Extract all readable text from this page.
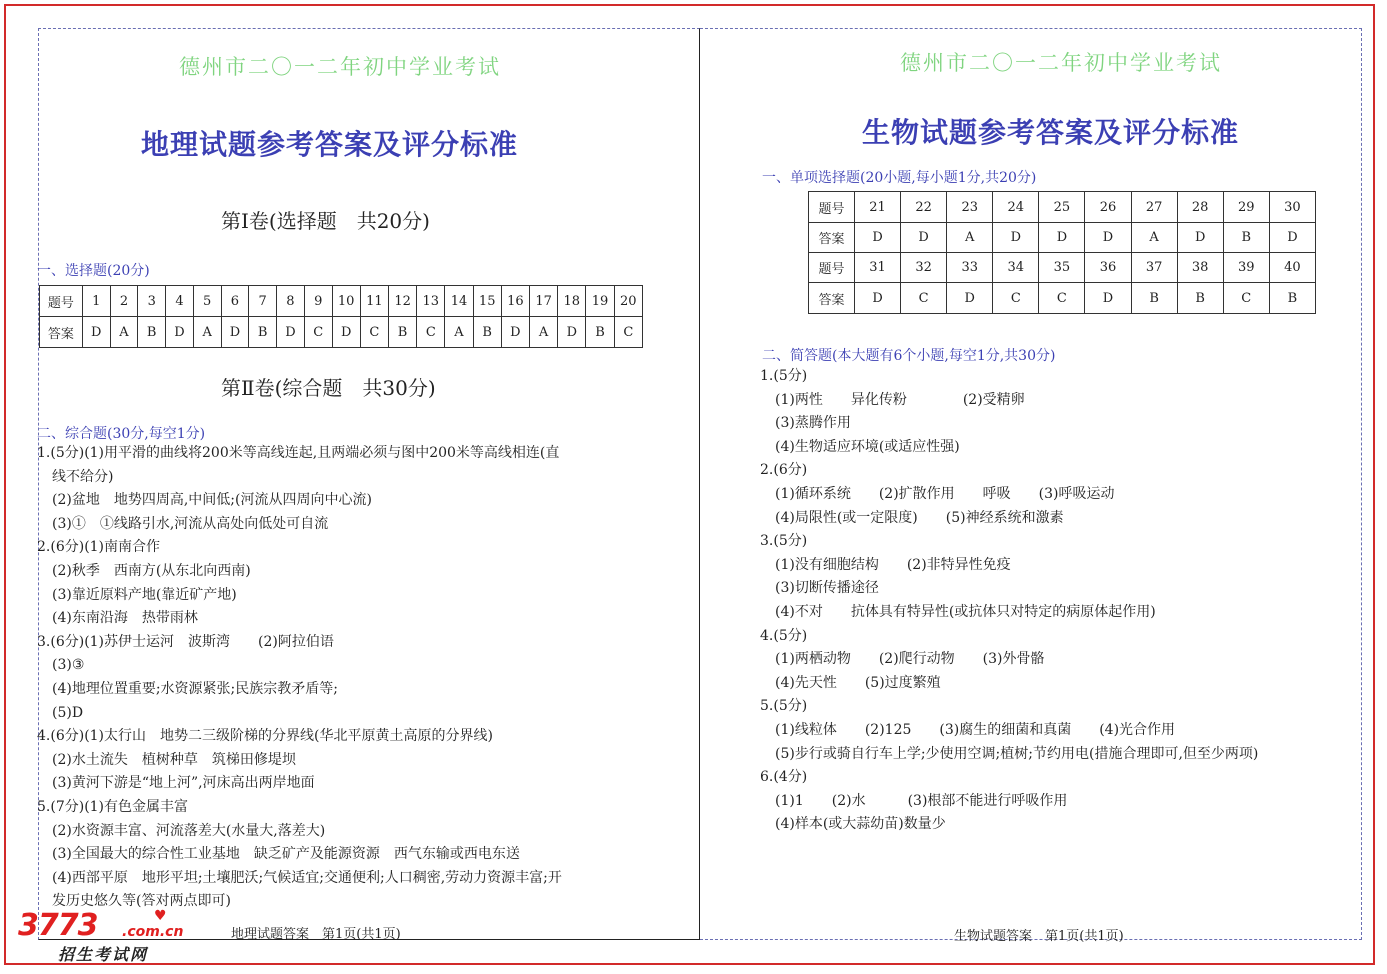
德州市二〇一二年初中学业考试
地理试题参考答案及评分标准
第Ⅰ卷(选择题　共20分)
一、选择题(20分)
题号	1	2	3	4	5	6	7	8	9	10	11	12	13	14	15	16	17	18	19	20
答案	D	A	B	D	A	D	B	D	C	D	C	B	C	A	B	D	A	D	B	C
第Ⅱ卷(综合题　共30分)
二、综合题(30分,每空1分)
1.(5分)(1)用平滑的曲线将200米等高线连起,且两端必须与图中200米等高线相连(直
线不给分)
(2)盆地　地势四周高,中间低;(河流从四周向中心流)
(3)①　①线路引水,河流从高处向低处可自流
2.(6分)(1)南南合作
(2)秋季　西南方(从东北向西南)
(3)靠近原料产地(靠近矿产地)
(4)东南沿海　热带雨林
3.(6分)(1)苏伊士运河　波斯湾　　(2)阿拉伯语
(3)③
(4)地理位置重要;水资源紧张;民族宗教矛盾等;
(5)D
4.(6分)(1)太行山　地势二三级阶梯的分界线(华北平原黄土高原的分界线)
(2)水土流失　植树种草　筑梯田修堤坝
(3)黄河下游是“地上河”,河床高出两岸地面
5.(7分)(1)有色金属丰富
(2)水资源丰富、河流落差大(水量大,落差大)
(3)全国最大的综合性工业基地　缺乏矿产及能源资源　西气东输或西电东送
(4)西部平原　地形平坦;土壤肥沃;气候适宜;交通便利;人口稠密,劳动力资源丰富;开
发历史悠久等(答对两点即可)
地理试题答案　第1页(共1页)
德州市二〇一二年初中学业考试
生物试题参考答案及评分标准
一、单项选择题(20小题,每小题1分,共20分)
题号	21	22	23	24	25	26	27	28	29	30
答案	D	D	A	D	D	D	A	D	B	D
题号	31	32	33	34	35	36	37	38	39	40
答案	D	C	D	C	C	D	B	B	C	B
二、简答题(本大题有6个小题,每空1分,共30分)
1.(5分)
(1)两性　　异化传粉　　　　(2)受精卵
(3)蒸腾作用
(4)生物适应环境(或适应性强)
2.(6分)
(1)循环系统　　(2)扩散作用　　呼吸　　(3)呼吸运动
(4)局限性(或一定限度)　　(5)神经系统和激素
3.(5分)
(1)没有细胞结构　　(2)非特异性免疫
(3)切断传播途径
(4)不对　　抗体具有特异性(或抗体只对特定的病原体起作用)
4.(5分)
(1)两栖动物　　(2)爬行动物　　(3)外骨骼
(4)先天性　　(5)过度繁殖
5.(5分)
(1)线粒体　　(2)125　　(3)腐生的细菌和真菌　　(4)光合作用
(5)步行或骑自行车上学;少使用空调;植树;节约用电(措施合理即可,但至少两项)
6.(4分)
(1)1　　(2)水　　　(3)根部不能进行呼吸作用
(4)样本(或大蒜幼苗)数量少
生物试题答案　第1页(共1页)
3773	♥
.com.cn
招生考试网
